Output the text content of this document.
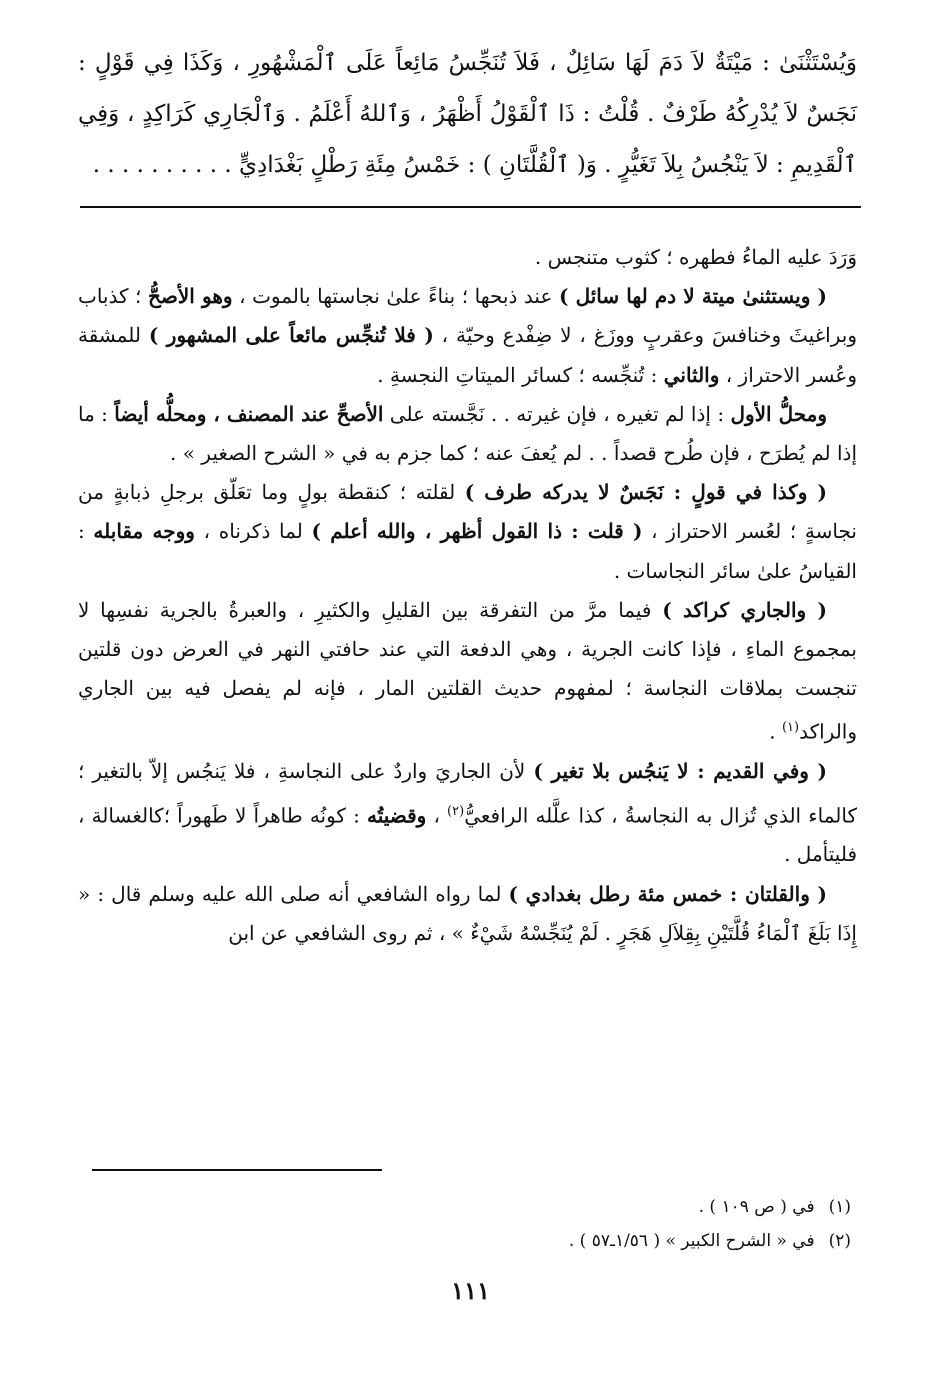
وَيُسْتَثْنَىٰ : مَيْتَةٌ لاَ دَمَ لَهَا سَائِلٌ ، فَلاَ تُنَجِّسُ مَائِعاً عَلَى ٱلْمَشْهُورِ ، وَكَذَا فِي قَوْلٍ : نَجَسٌ لاَ يُدْرِكُهُ طَرْفٌ . قُلْتُ : ذَا ٱلْقَوْلُ أَظْهَرُ ، وَٱللهُ أَعْلَمُ . وَٱلْجَارِي كَرَاكِدٍ ، وَفِي ٱلْقَدِيمِ : لاَ يَنْجُسُ بِلاَ تَغَيُّرٍ . وَ( ٱلْقُلَّتَانِ ) : خَمْسُ مِئَةِ رَطْلٍ بَغْدَادِيٍّ . . . . . . . . . .

وَرَدَ عليه الماءُ فطهره ؛ كثوب متنجس .

( ويستثنىٰ ميتة لا دم لها سائل ) عند ذبحها ؛ بناءً علىٰ نجاستها بالموت ، وهو الأصحُّ ؛ كذباب وبراغيثَ وخنافسَ وعقربٍ ووزَغ ، لا ضِفْدع وحيّة ، ( فلا تُنجِّس مائعاً على المشهور ) للمشقة وعُسر الاحتراز ، والثاني : تُنجِّسه ؛ كسائر الميتاتِ النجسةِ .

ومحلُّ الأول : إذا لم تغيره ، فإن غيرته . . نَجَّسته على الأصحِّ عند المصنف ، ومحلُّه أيضاً : ما إذا لم يُطرَح ، فإن طُرح قصداً . . لم يُعفَ عنه ؛ كما جزم به في « الشرح الصغير » .

( وكذا في قولٍ : نَجَسٌ لا يدركه طرف ) لقلته ؛ كنقطة بولٍ وما تعَلّق برجلِ ذبابةٍ من نجاسةٍ ؛ لعُسر الاحتراز ، ( قلت : ذا القول أظهر ، والله أعلم ) لما ذكرناه ، ووجه مقابله : القياسُ علىٰ سائر النجاسات .

( والجاري كراكد ) فيما مرَّ من التفرقة بين القليلِ والكثيرِ ، والعبرةُ بالجرية نفسِها لا بمجموع الماءِ ، فإذا كانت الجرية ، وهي الدفعة التي عند حافتي النهر في العرض دون قلتين تنجست بملاقات النجاسة ؛ لمفهوم حديث القلتين المار ، فإنه لم يفصل فيه بين الجاري والراكد$^{(١)}$ .

( وفي القديم : لا يَنجُس بلا تغير ) لأن الجاريَ واردٌ على النجاسةِ ، فلا يَنجُس إلاّ بالتغير ؛ كالماء الذي تُزال به النجاسةُ ، كذا علَّله الرافعيُّ$^{(٢)}$ ، وقضيتُه : كونُه طاهراً لا طَهوراً ؛كالغسالة ، فليتأمل .

( والقلتان : خمس مئة رطل بغدادي ) لما رواه الشافعي أنه صلى الله عليه وسلم قال : « إِذَا بَلَغَ ٱلْمَاءُ قُلَّتَيْنِ بِقِلاَلِ هَجَرٍ . لَمْ يُنَجِّسْهُ شَيْءٌ » ، ثم روى الشافعي عن ابن

(١)
في ( ص ١٠٩ ) .
(٢)
في « الشرح الكبير » ( ١/٥٦ـ٥٧ ) .
١١١
